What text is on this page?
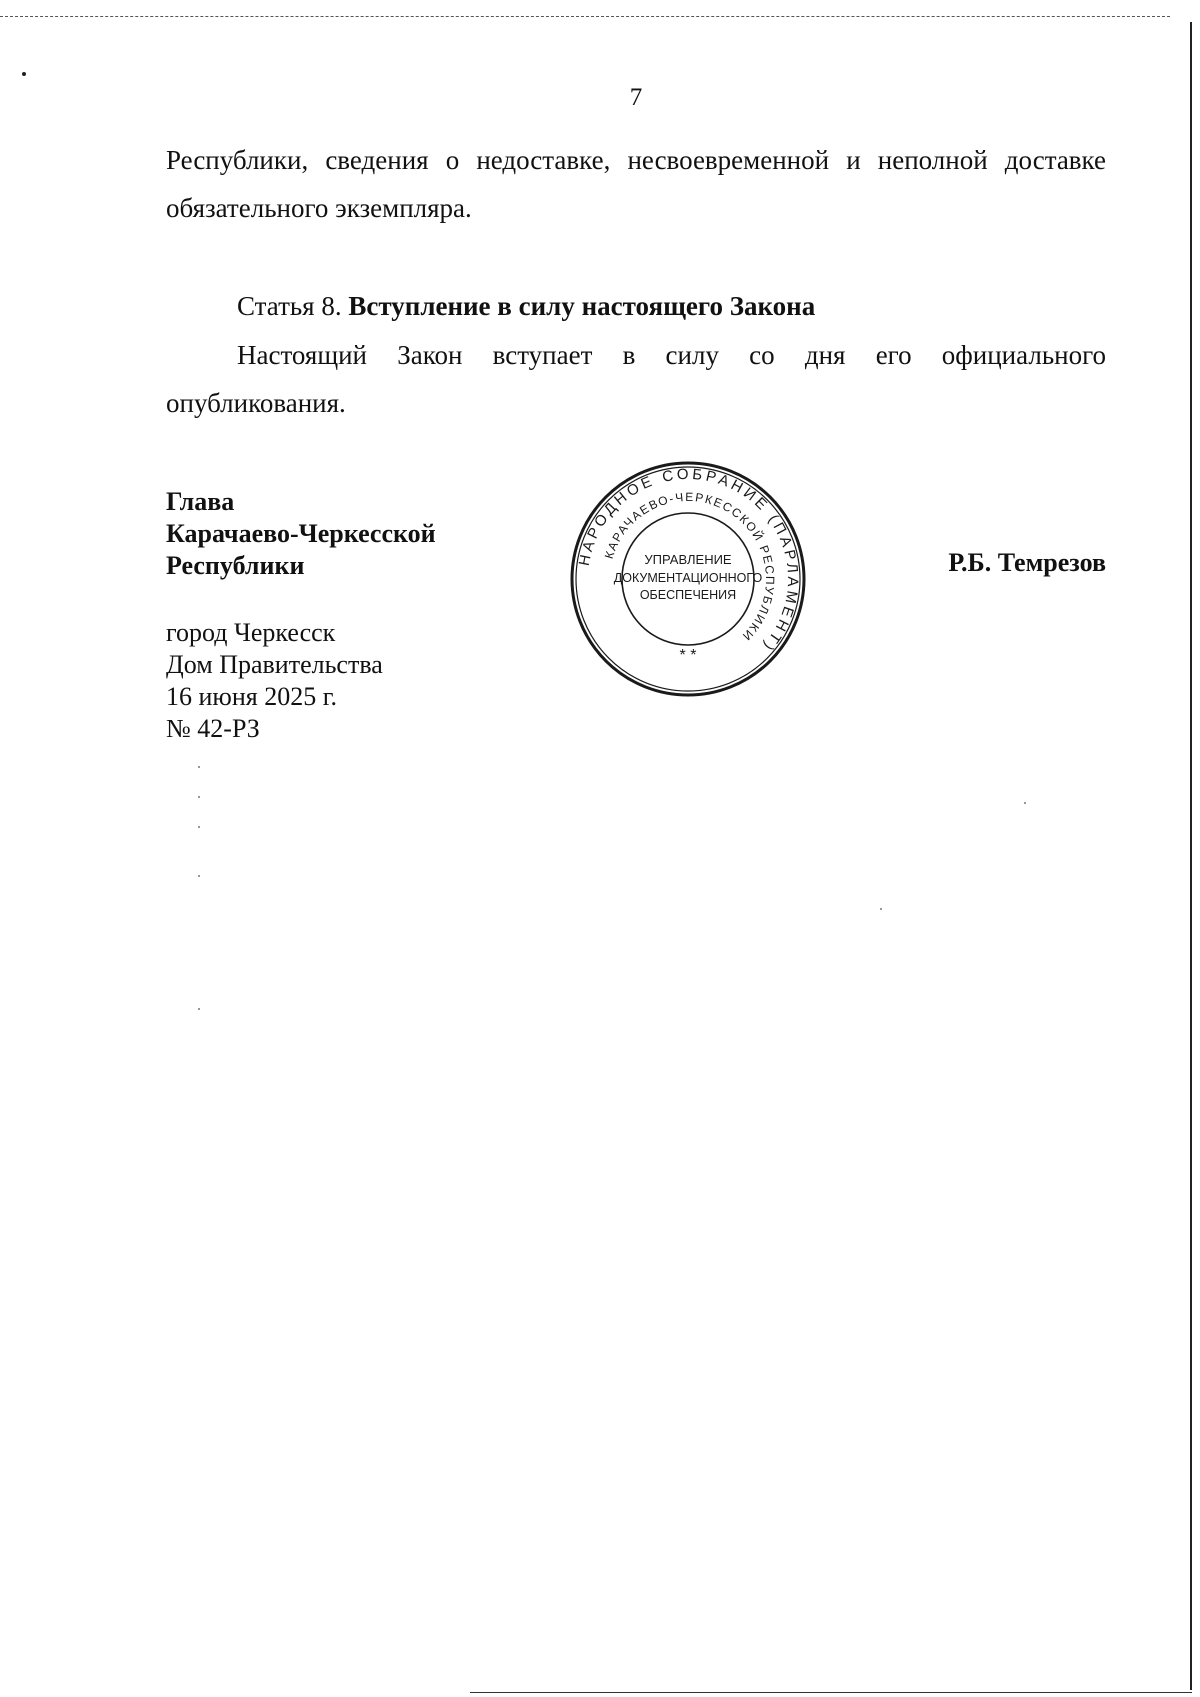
7
Республики, сведения о недоставке, несвоевременной и неполной доставке
обязательного экземпляра.
Статья 8. Вступление в силу настоящего Закона
Настоящий Закон вступает в силу со дня его официального
опубликования.
Глава
Карачаево-Черкесской
Республики	Р.Б. Темрезов
город Черкесск
Дом Правительства
16 июня 2025 г.
№ 42-РЗ
НАРОДНОЕ СОБРАНИЕ (ПАРЛАМЕНТ)
КАРАЧАЕВО-ЧЕРКЕССКОЙ РЕСПУБЛИКИ
УПРАВЛЕНИЕ
ДОКУМЕНТАЦИОННОГО
ОБЕСПЕЧЕНИЯ
* *
